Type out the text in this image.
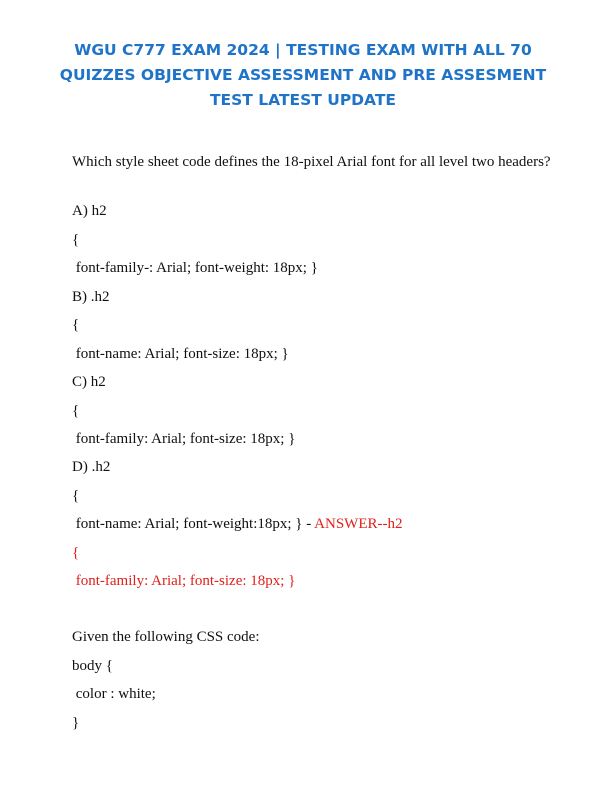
WGU C777 EXAM 2024 | TESTING EXAM WITH ALL 70
QUIZZES OBJECTIVE ASSESSMENT AND PRE ASSESMENT
TEST LATEST UPDATE
Which style sheet code defines the 18-pixel Arial font for all level two headers?
A) h2
{
font-family-: Arial; font-weight: 18px; }
B) .h2
{
font-name: Arial; font-size: 18px; }
C) h2
{
font-family: Arial; font-size: 18px; }
D) .h2
{
font-name: Arial; font-weight:18px; } - ANSWER--h2
{
font-family: Arial; font-size: 18px; }
Given the following CSS code:
body {
color : white;
}
